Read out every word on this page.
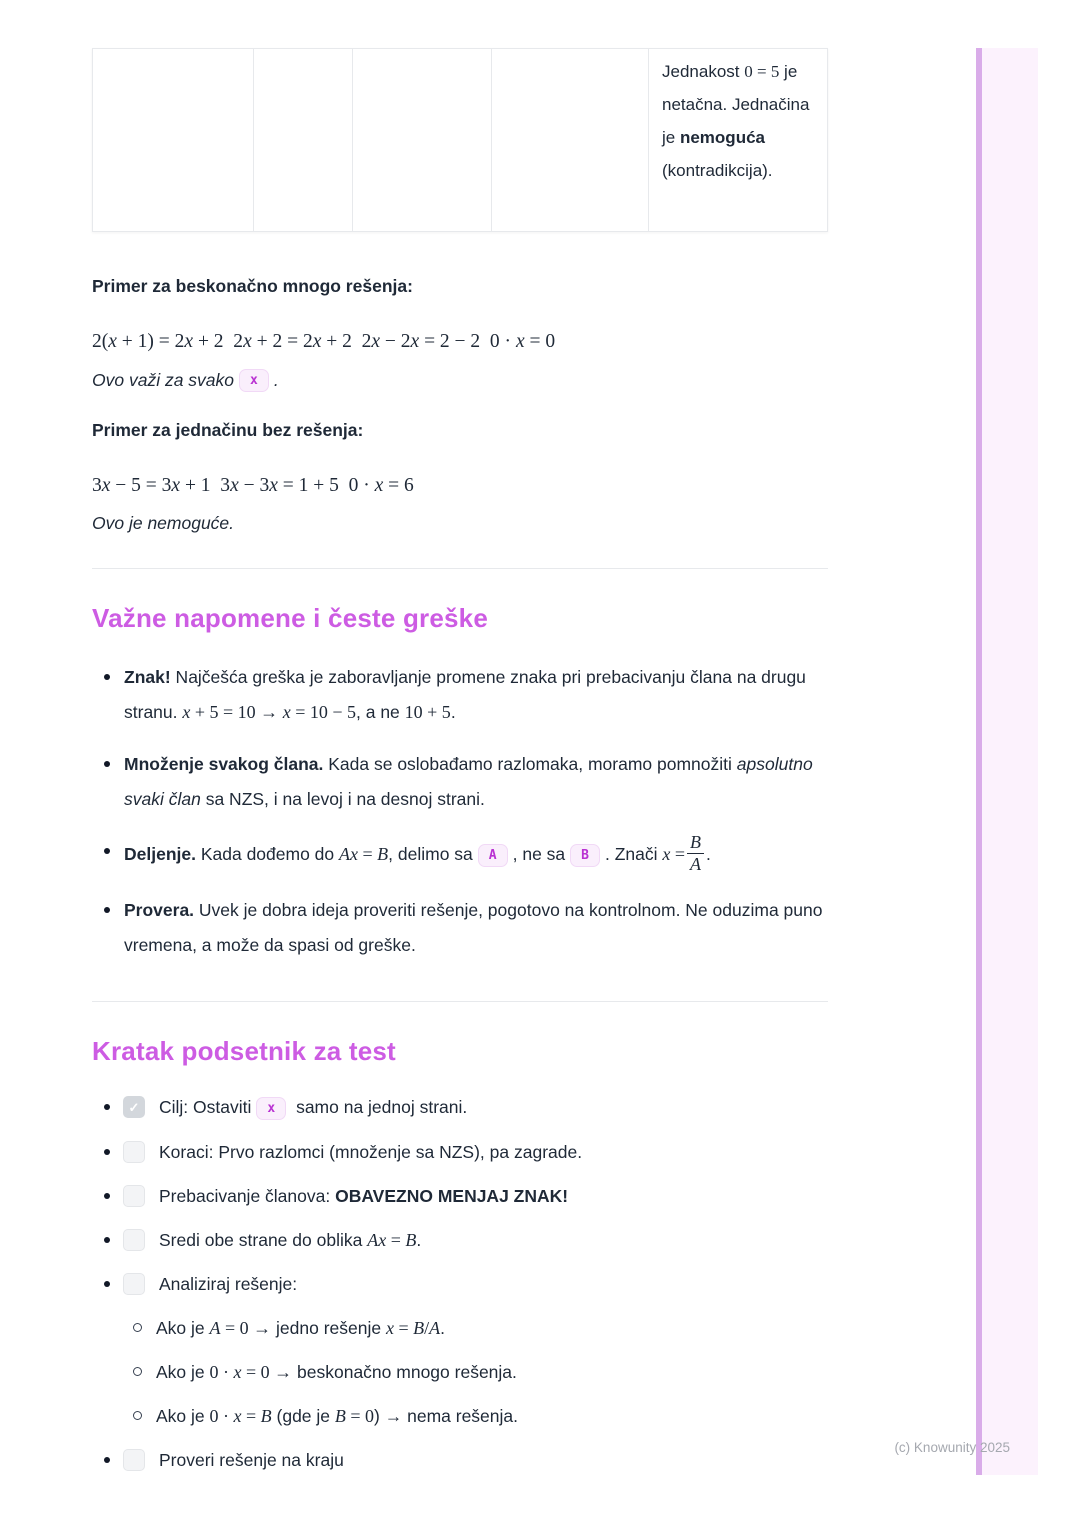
				Jednakost 0 = 5 je netačna. Jednačina je nemoguća (kontradikcija).
Primer za beskonačno mnogo rešenja:
2(x + 1) = 2x + 2  2x + 2 = 2x + 2  2x − 2x = 2 − 2  0 · x = 0
Ovo važi za svako	x .
Primer za jednačinu bez rešenja:
3x − 5 = 3x + 1  3x − 3x = 1 + 5  0 · x = 6
Ovo je nemoguće.
Važne napomene i česte greške
Znak! Najčešća greška je zaboravljanje promene znaka pri prebacivanju člana na drugu stranu. x + 5 = 10 → x = 10 − 5, a ne 10 + 5.
Množenje svakog člana. Kada se oslobađamo razlomaka, moramo pomnožiti apsolutno svaki član sa NZS, i na levoj i na desnoj strani.
Deljenje. Kada dođemo do Ax = B, delimo sa A , ne sa B . Znači $x = \frac{B}{A}$ .
Provera. Uvek je dobra ideja proveriti rešenje, pogotovo na kontrolnom. Ne oduzima puno vremena, a može da spasi od greške.
Kratak podsetnik za test
✓ Cilj: Ostaviti x samo na jednoj strani.
Koraci: Prvo razlomci (množenje sa NZS), pa zagrade.
Prebacivanje članova: OBAVEZNO MENJAJ ZNAK!
Sredi obe strane do oblika Ax = B.
Analiziraj rešenje:
Ako je A = 0 → jedno rešenje x = B/A.
Ako je 0 · x = 0 → beskonačno mnogo rešenja.
Ako je 0 · x = B (gde je B = 0) → nema rešenja.
Proveri rešenje na kraju
(c) Knowunity 2025
